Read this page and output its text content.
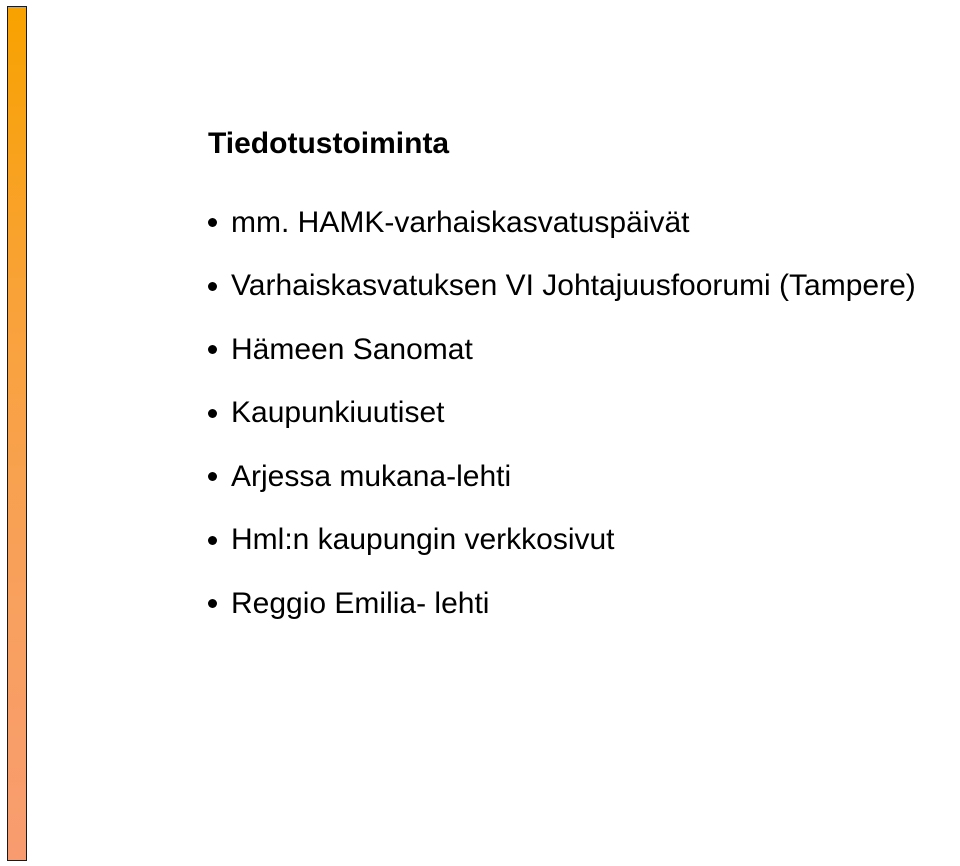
Tiedotustoiminta
mm. HAMK-varhaiskasvatuspäivät
Varhaiskasvatuksen VI Johtajuusfoorumi (Tampere)
Hämeen Sanomat
Kaupunkiuutiset
Arjessa mukana-lehti
Hml:n kaupungin verkkosivut
Reggio Emilia- lehti
